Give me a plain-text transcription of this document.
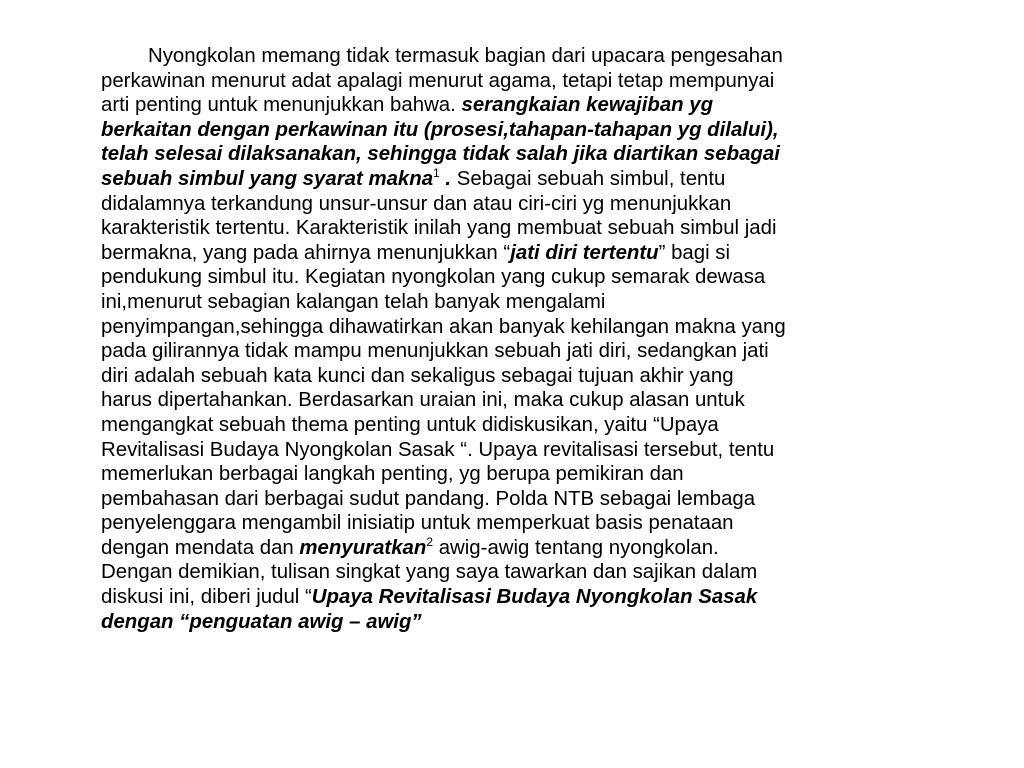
Nyongkolan memang tidak termasuk bagian dari upacara pengesahan
perkawinan menurut adat apalagi menurut agama, tetapi tetap mempunyai
arti penting untuk menunjukkan bahwa. serangkaian kewajiban yg
berkaitan dengan perkawinan itu (prosesi,tahapan-tahapan yg dilalui),
telah selesai dilaksanakan, sehingga tidak salah jika diartikan sebagai
sebuah simbul yang syarat makna$^1$ . Sebagai sebuah simbul, tentu
didalamnya terkandung unsur-unsur dan atau ciri-ciri yg menunjukkan
karakteristik tertentu. Karakteristik inilah yang membuat sebuah simbul jadi
bermakna, yang pada ahirnya menunjukkan “jati diri tertentu” bagi si
pendukung simbul itu. Kegiatan nyongkolan yang cukup semarak dewasa
ini,menurut sebagian kalangan telah banyak mengalami
penyimpangan,sehingga dihawatirkan akan banyak kehilangan makna yang
pada gilirannya tidak mampu menunjukkan sebuah jati diri, sedangkan jati
diri adalah sebuah kata kunci dan sekaligus sebagai tujuan akhir yang
harus dipertahankan. Berdasarkan uraian ini, maka cukup alasan untuk
mengangkat sebuah thema penting untuk didiskusikan, yaitu “Upaya
Revitalisasi Budaya Nyongkolan Sasak “. Upaya revitalisasi tersebut, tentu
memerlukan berbagai langkah penting, yg berupa pemikiran dan
pembahasan dari berbagai sudut pandang. Polda NTB sebagai lembaga
penyelenggara mengambil inisiatip untuk memperkuat basis penataan
dengan mendata dan menyuratkan$^2$ awig-awig tentang nyongkolan.
Dengan demikian, tulisan singkat yang saya tawarkan dan sajikan dalam
diskusi ini, diberi judul “Upaya Revitalisasi Budaya Nyongkolan Sasak
dengan “penguatan awig – awig”
